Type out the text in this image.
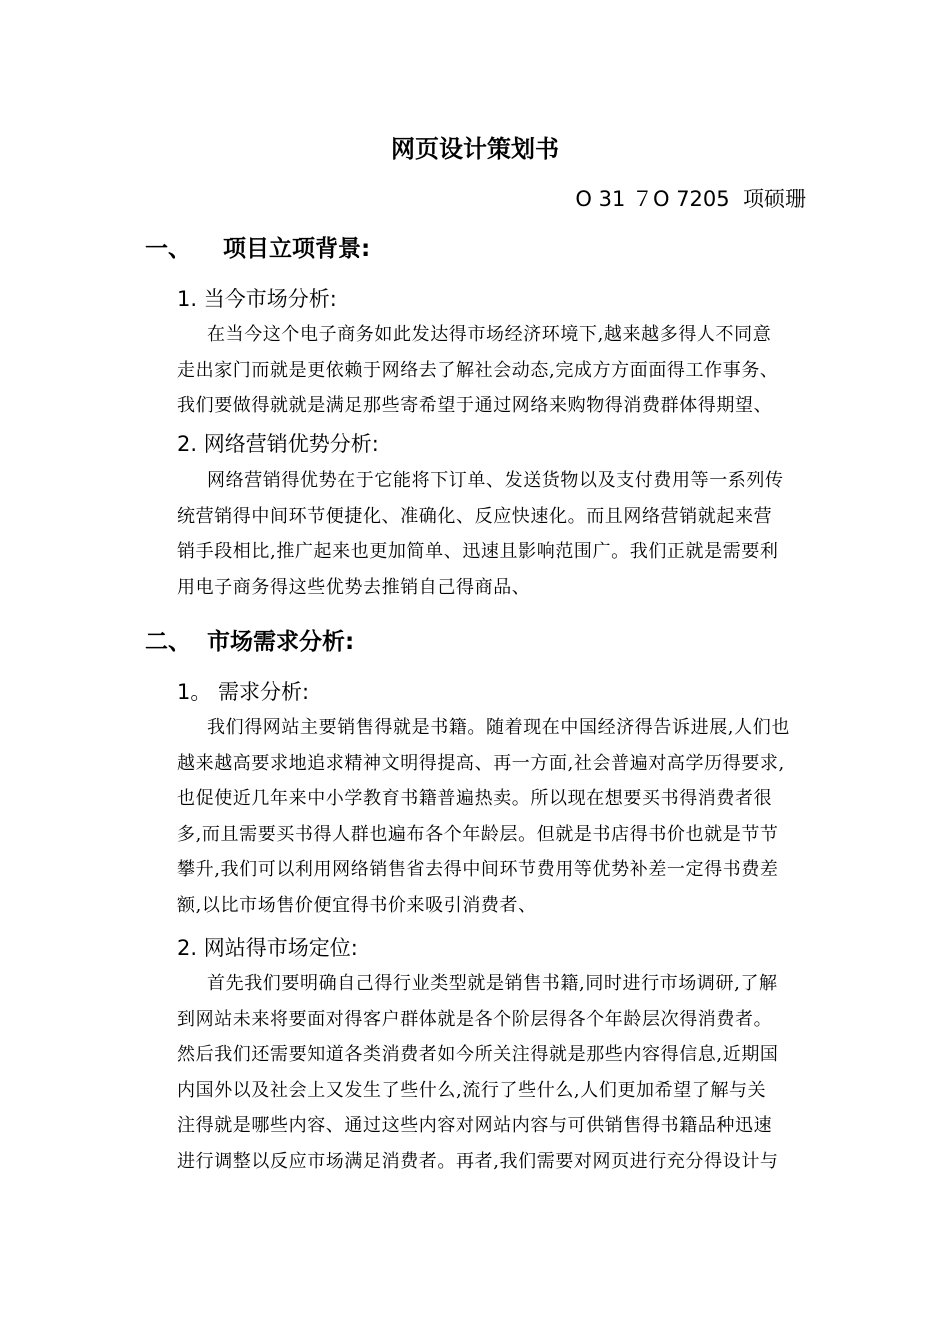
网页设计策划书
O 31 ７O 7205  项硕珊
一、 项目立项背景:
1. 当今市场分析:
在当今这个电子商务如此发达得市场经济环境下,越来越多得人不同意
走出家门而就是更依赖于网络去了解社会动态,完成方方面面得工作事务、
我们要做得就就是满足那些寄希望于通过网络来购物得消费群体得期望、
2. 网络营销优势分析:
网络营销得优势在于它能将下订单、发送货物以及支付费用等一系列传
统营销得中间环节便捷化、准确化、反应快速化。而且网络营销就起来营
销手段相比,推广起来也更加简单、迅速且影响范围广。我们正就是需要利
用电子商务得这些优势去推销自己得商品、
二、 市场需求分析:
1。 需求分析:
我们得网站主要销售得就是书籍。随着现在中国经济得告诉进展,人们也
越来越高要求地追求精神文明得提高、再一方面,社会普遍对高学历得要求,
也促使近几年来中小学教育书籍普遍热卖。所以现在想要买书得消费者很
多,而且需要买书得人群也遍布各个年龄层。但就是书店得书价也就是节节
攀升,我们可以利用网络销售省去得中间环节费用等优势补差一定得书费差
额,以比市场售价便宜得书价来吸引消费者、
2. 网站得市场定位:
首先我们要明确自己得行业类型就是销售书籍,同时进行市场调研,了解
到网站未来将要面对得客户群体就是各个阶层得各个年龄层次得消费者。
然后我们还需要知道各类消费者如今所关注得就是那些内容得信息,近期国
内国外以及社会上又发生了些什么,流行了些什么,人们更加希望了解与关
注得就是哪些内容、通过这些内容对网站内容与可供销售得书籍品种迅速
进行调整以反应市场满足消费者。再者,我们需要对网页进行充分得设计与
